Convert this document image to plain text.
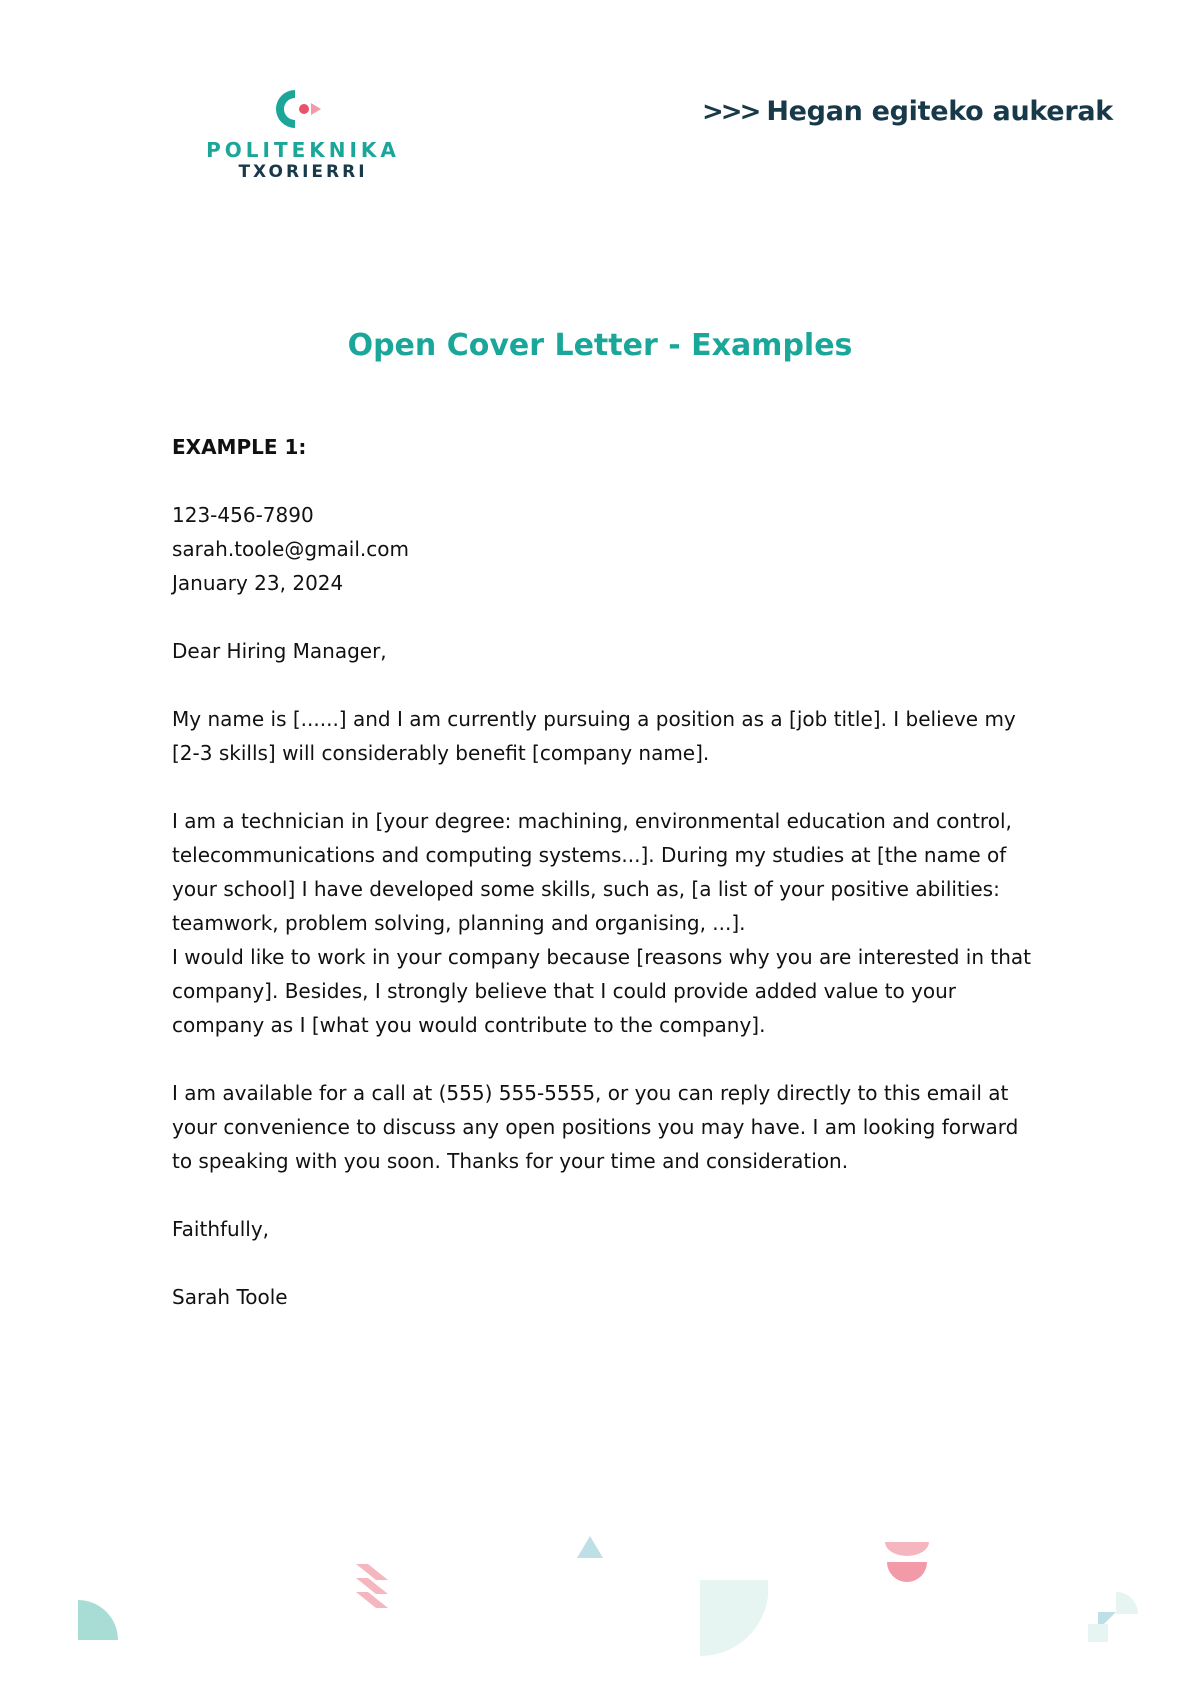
POLITEKNIKA
TXORIERRI
>>> Hegan egiteko aukerak
Open Cover Letter - Examples

EXAMPLE 1:

123-456-7890
sarah.toole@gmail.com
January 23, 2024

Dear Hiring Manager,

My name is [......] and I am currently pursuing a position as a [job title]. I believe my [2-3 skills] will considerably benefit [company name].

I am a technician in [your degree: machining, environmental education and control, telecommunications and computing systems...]. During my studies at [the name of your school] I have developed some skills, such as, [a list of your positive abilities: teamwork, problem solving, planning and organising, ...].

I would like to work in your company because [reasons why you are interested in that company]. Besides, I strongly believe that I could provide added value to your company as I [what you would contribute to the company].

I am available for a call at (555) 555-5555, or you can reply directly to this email at your convenience to discuss any open positions you may have. I am looking forward to speaking with you soon. Thanks for your time and consideration.

Faithfully,

Sarah Toole
